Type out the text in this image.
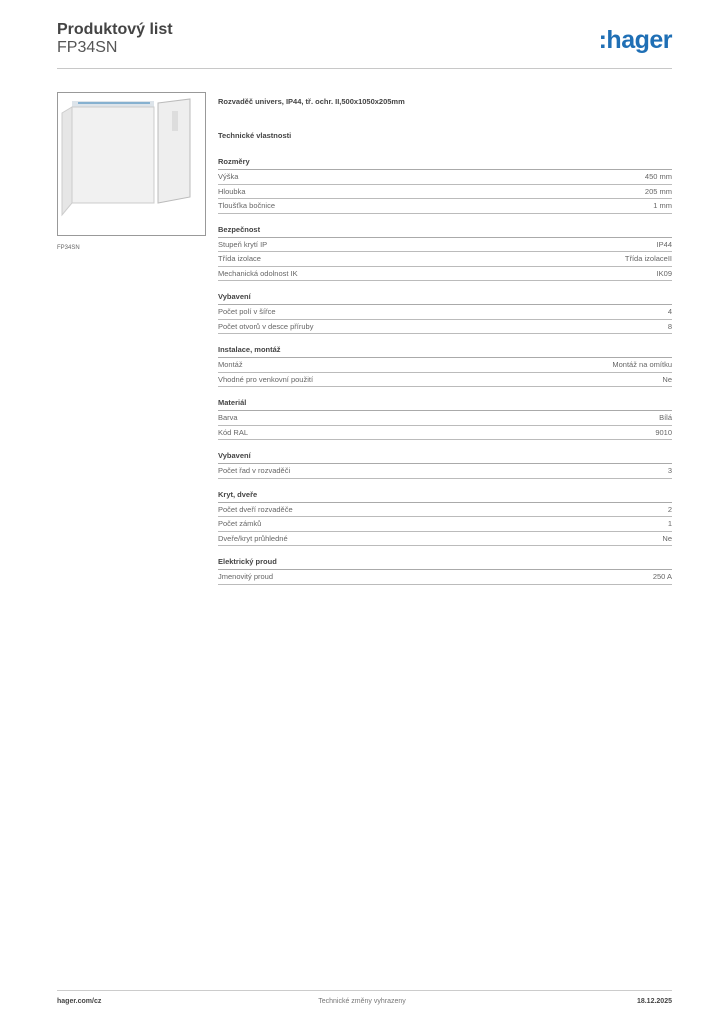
Produktový list
FP34SN	:hager
FP34SN
Rozvaděč univers, IP44, tř. ochr. II,500x1050x205mm
Technické vlastnosti
Rozměry
Výška	450 mm
Hloubka	205 mm
Tloušťka bočnice	1 mm
Bezpečnost
Stupeň krytí IP	IP44
Třída izolace	Třída izolaceII
Mechanická odolnost IK	IK09
Vybavení
Počet polí v šířce	4
Počet otvorů v desce příruby	8
Instalace, montáž
Montáž	Montáž na omítku
Vhodné pro venkovní použití	Ne
Materiál
Barva	Bílá
Kód RAL	9010
Vybavení
Počet řad v rozvaděči	3
Kryt, dveře
Počet dveří rozvaděče	2
Počet zámků	1
Dveře/kryt průhledné	Ne
Elektrický proud
Jmenovitý proud	250 A
hager.com/cz	Technické změny vyhrazeny	18.12.2025
